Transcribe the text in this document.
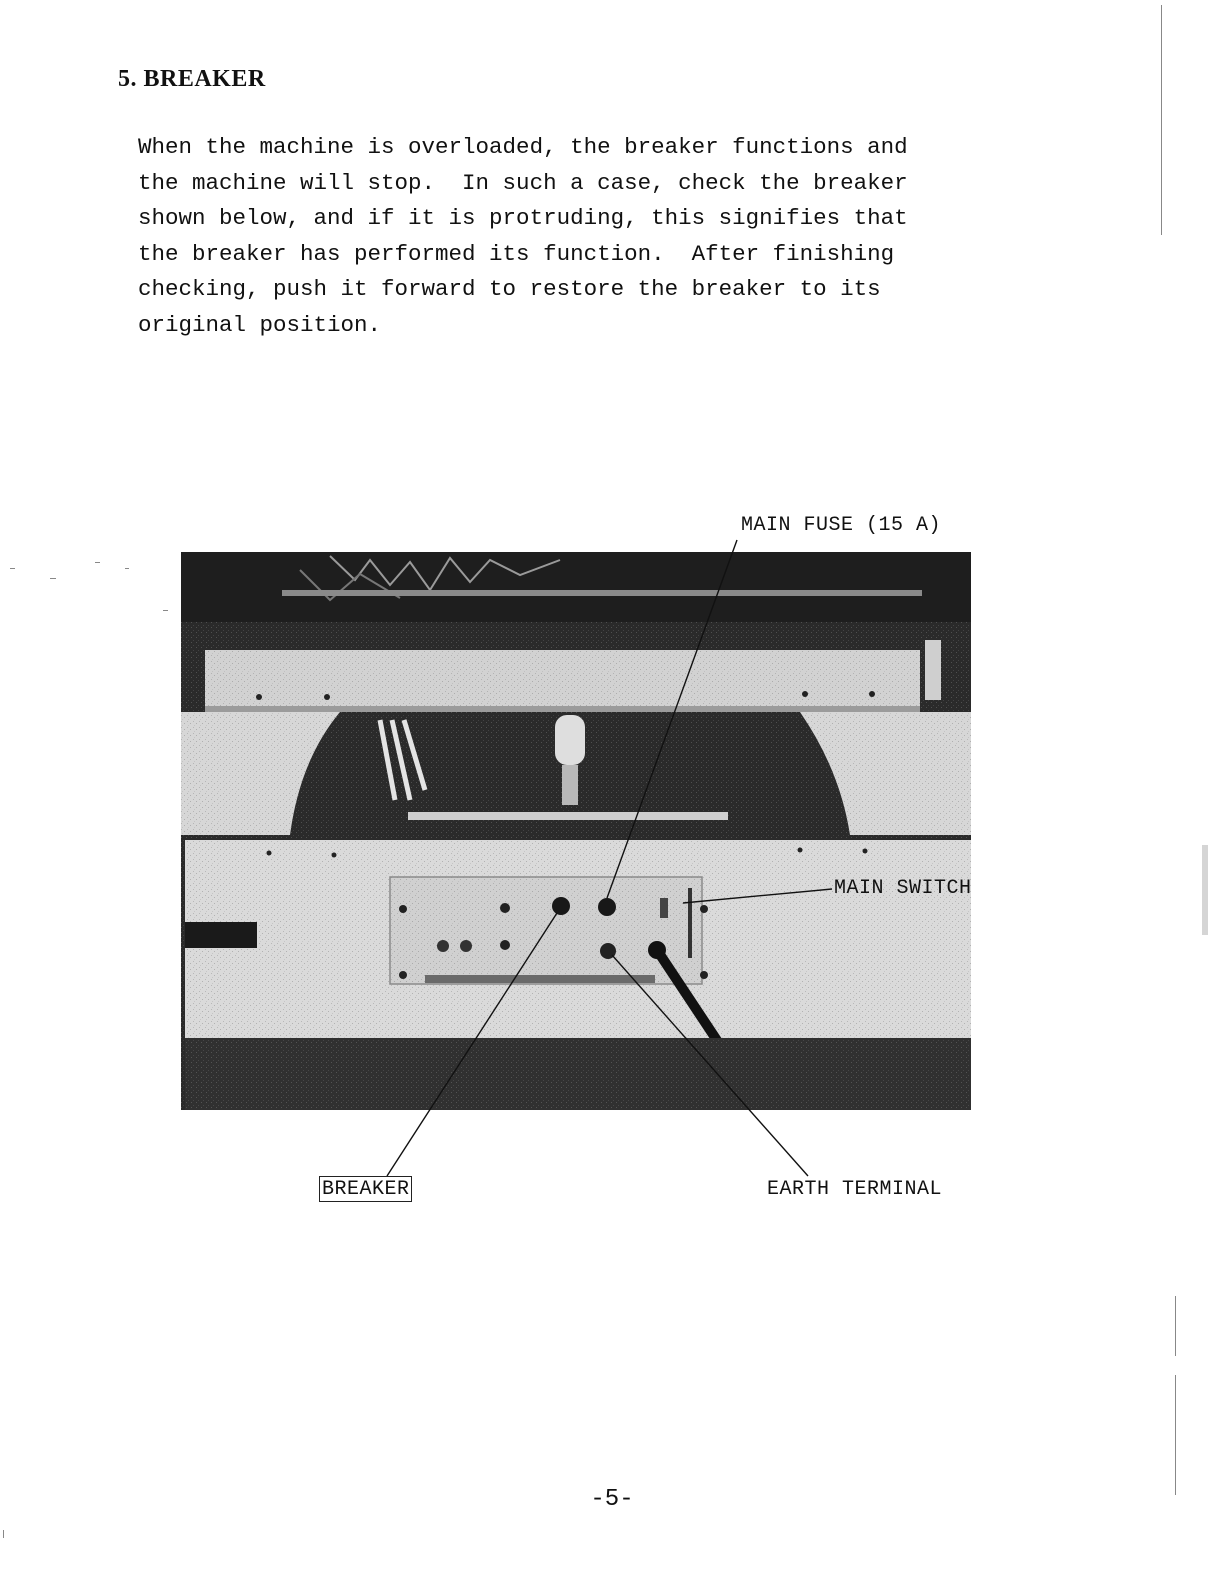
5. BREAKER
When the machine is overloaded, the breaker functions and
the machine will stop.  In such a case, check the breaker
shown below, and if it is protruding, this signifies that
the breaker has performed its function.  After finishing
checking, push it forward to restore the breaker to its
original position.
MAIN FUSE (15 A)
MAIN SWITCH
BREAKER	EARTH TERMINAL
-5-
